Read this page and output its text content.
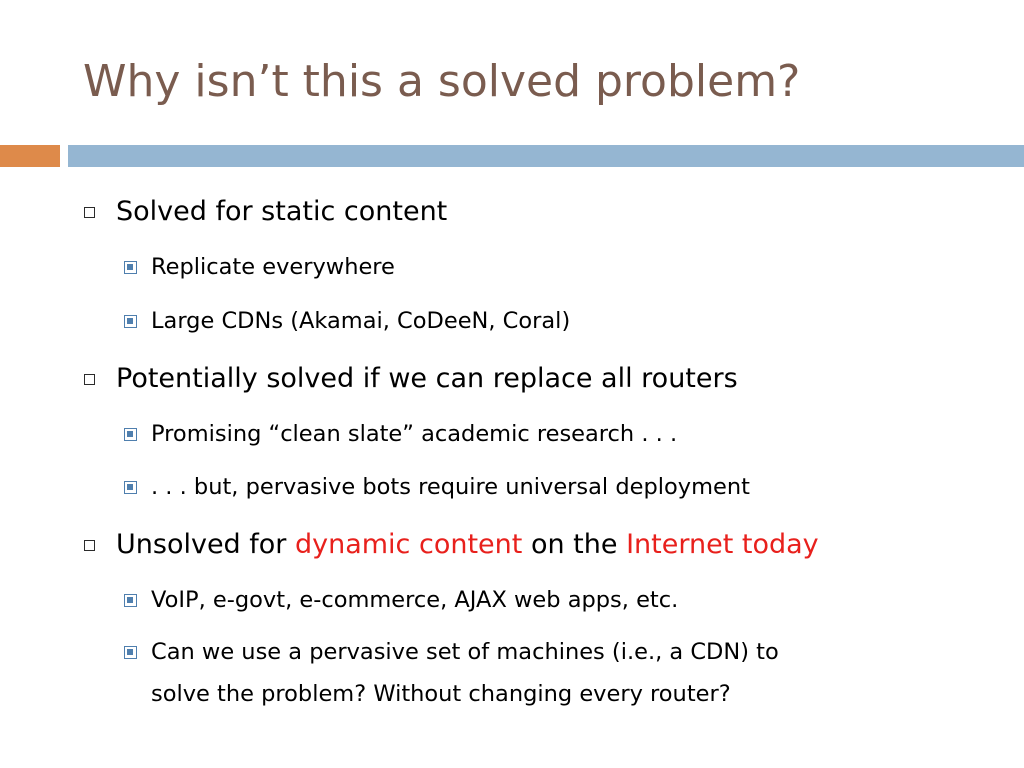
Why isn’t this a solved problem?
Solved for static content
Replicate everywhere
Large CDNs (Akamai, CoDeeN, Coral)
Potentially solved if we can replace all routers
Promising “clean slate” academic research . . .
. . . but, pervasive bots require universal deployment
Unsolved for dynamic content on the Internet today
VoIP, e-govt, e-commerce, AJAX web apps, etc.
Can we use a pervasive set of machines (i.e., a CDN) to
solve the problem? Without changing every router?
